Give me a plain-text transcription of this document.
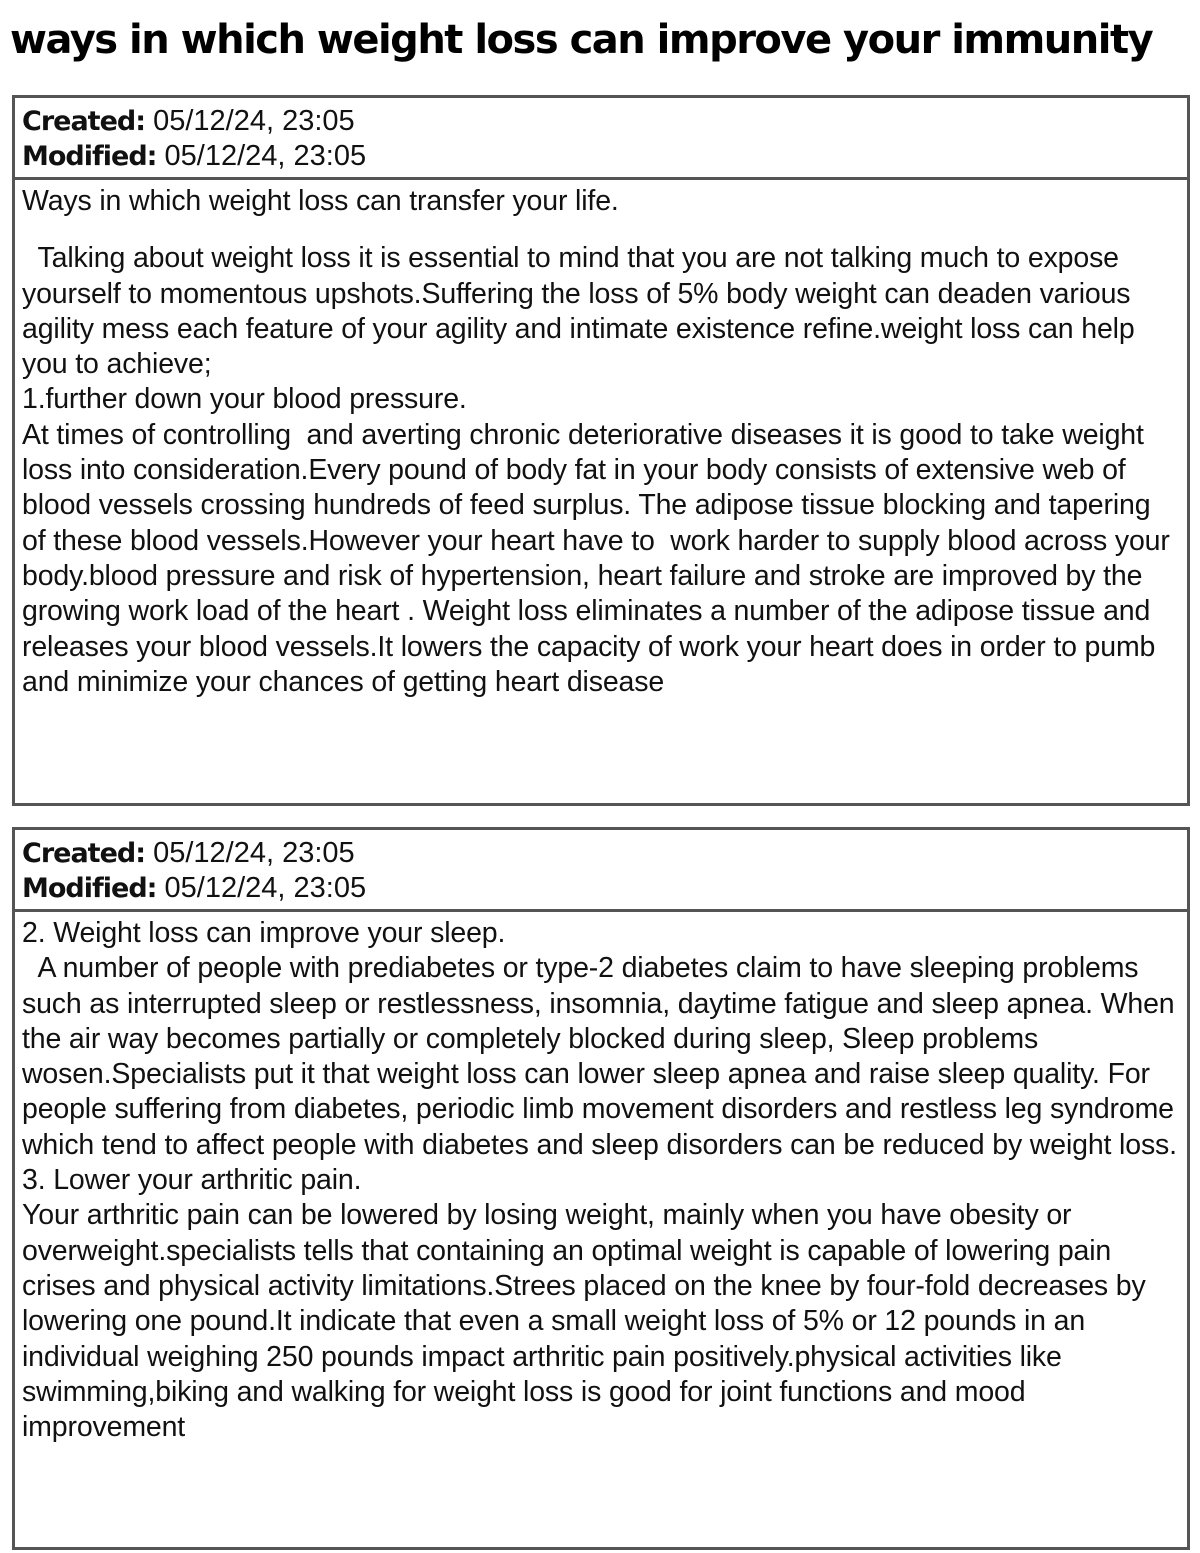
ways in which weight loss can improve your immunity
Created: 05/12/24, 23:05
Modified: 05/12/24, 23:05

Ways in which weight loss can transfer your life.

Talking about weight loss it is essential to mind that you are not talking much to expose yourself to momentous upshots.Suffering the loss of 5% body weight can deaden various agility mess each feature of your agility and intimate existence refine.weight loss can help you to achieve;

1.further down your blood pressure.

At times of controlling  and averting chronic deteriorative diseases it is good to take weight loss into consideration.Every pound of body fat in your body consists of extensive web of blood vessels crossing hundreds of feed surplus. The adipose tissue blocking and tapering of these blood vessels.However your heart have to  work harder to supply blood across your body.blood pressure and risk of hypertension, heart failure and stroke are improved by the growing work load of the heart . Weight loss eliminates a number of the adipose tissue and releases your blood vessels.It lowers the capacity of work your heart does in order to pumb and minimize your chances of getting heart disease

Created: 05/12/24, 23:05
Modified: 05/12/24, 23:05

2. Weight loss can improve your sleep.

A number of people with prediabetes or type-2 diabetes claim to have sleeping problems such as interrupted sleep or restlessness, insomnia, daytime fatigue and sleep apnea. When the air way becomes partially or completely blocked during sleep, Sleep problems wosen.Specialists put it that weight loss can lower sleep apnea and raise sleep quality. For people suffering from diabetes, periodic limb movement disorders and restless leg syndrome which tend to affect people with diabetes and sleep disorders can be reduced by weight loss.

3. Lower your arthritic pain.

Your arthritic pain can be lowered by losing weight, mainly when you have obesity or overweight.specialists tells that containing an optimal weight is capable of lowering pain crises and physical activity limitations.Strees placed on the knee by four-fold decreases by lowering one pound.It indicate that even a small weight loss of 5% or 12 pounds in an individual weighing 250 pounds impact arthritic pain positively.physical activities like swimming,biking and walking for weight loss is good for joint functions and mood improvement
